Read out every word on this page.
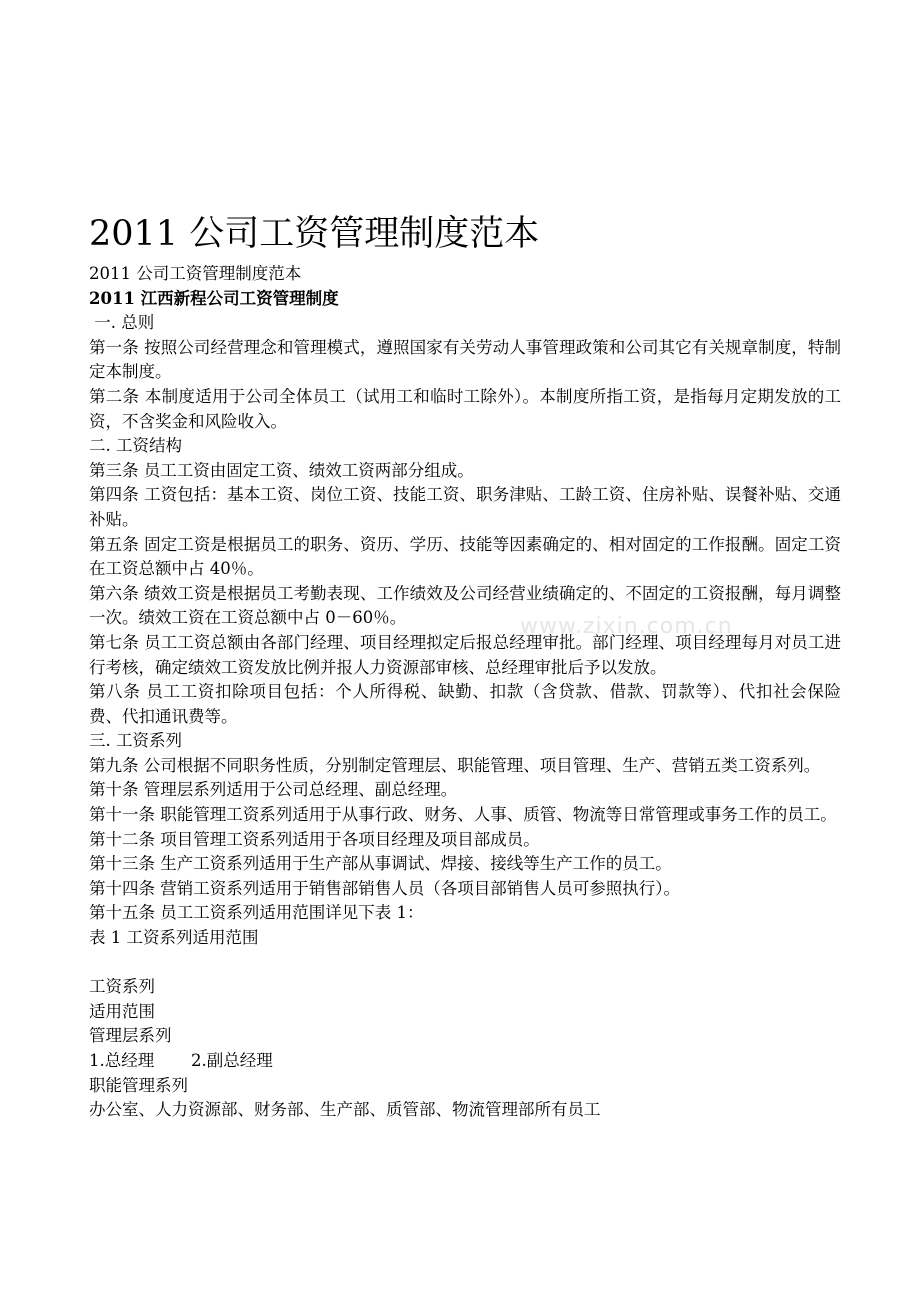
www.zixin.com.cn
2011 公司工资管理制度范本

2011 公司工资管理制度范本

2011 江西新程公司工资管理制度

一. 总则

第一条 按照公司经营理念和管理模式，遵照国家有关劳动人事管理政策和公司其它有关规章制度，特制定本制度。

第二条 本制度适用于公司全体员工（试用工和临时工除外）。本制度所指工资，是指每月定期发放的工资，不含奖金和风险收入。

二. 工资结构

第三条 员工工资由固定工资、绩效工资两部分组成。

第四条 工资包括：基本工资、岗位工资、技能工资、职务津贴、工龄工资、住房补贴、误餐补贴、交通补贴。

第五条 固定工资是根据员工的职务、资历、学历、技能等因素确定的、相对固定的工作报酬。固定工资在工资总额中占 40％。

第六条 绩效工资是根据员工考勤表现、工作绩效及公司经营业绩确定的、不固定的工资报酬，每月调整一次。绩效工资在工资总额中占 0－60％。

第七条 员工工资总额由各部门经理、项目经理拟定后报总经理审批。部门经理、项目经理每月对员工进行考核，确定绩效工资发放比例并报人力资源部审核、总经理审批后予以发放。

第八条 员工工资扣除项目包括：个人所得税、缺勤、扣款（含贷款、借款、罚款等）、代扣社会保险费、代扣通讯费等。

三. 工资系列

第九条 公司根据不同职务性质，分别制定管理层、职能管理、项目管理、生产、营销五类工资系列。

第十条 管理层系列适用于公司总经理、副总经理。

第十一条 职能管理工资系列适用于从事行政、财务、人事、质管、物流等日常管理或事务工作的员工。

第十二条 项目管理工资系列适用于各项目经理及项目部成员。

第十三条 生产工资系列适用于生产部从事调试、焊接、接线等生产工作的员工。

第十四条 营销工资系列适用于销售部销售人员（各项目部销售人员可参照执行）。

第十五条 员工工资系列适用范围详见下表 1：

表 1 工资系列适用范围

工资系列

适用范围

管理层系列

1.总经理       2.副总经理

职能管理系列

办公室、人力资源部、财务部、生产部、质管部、物流管理部所有员工
